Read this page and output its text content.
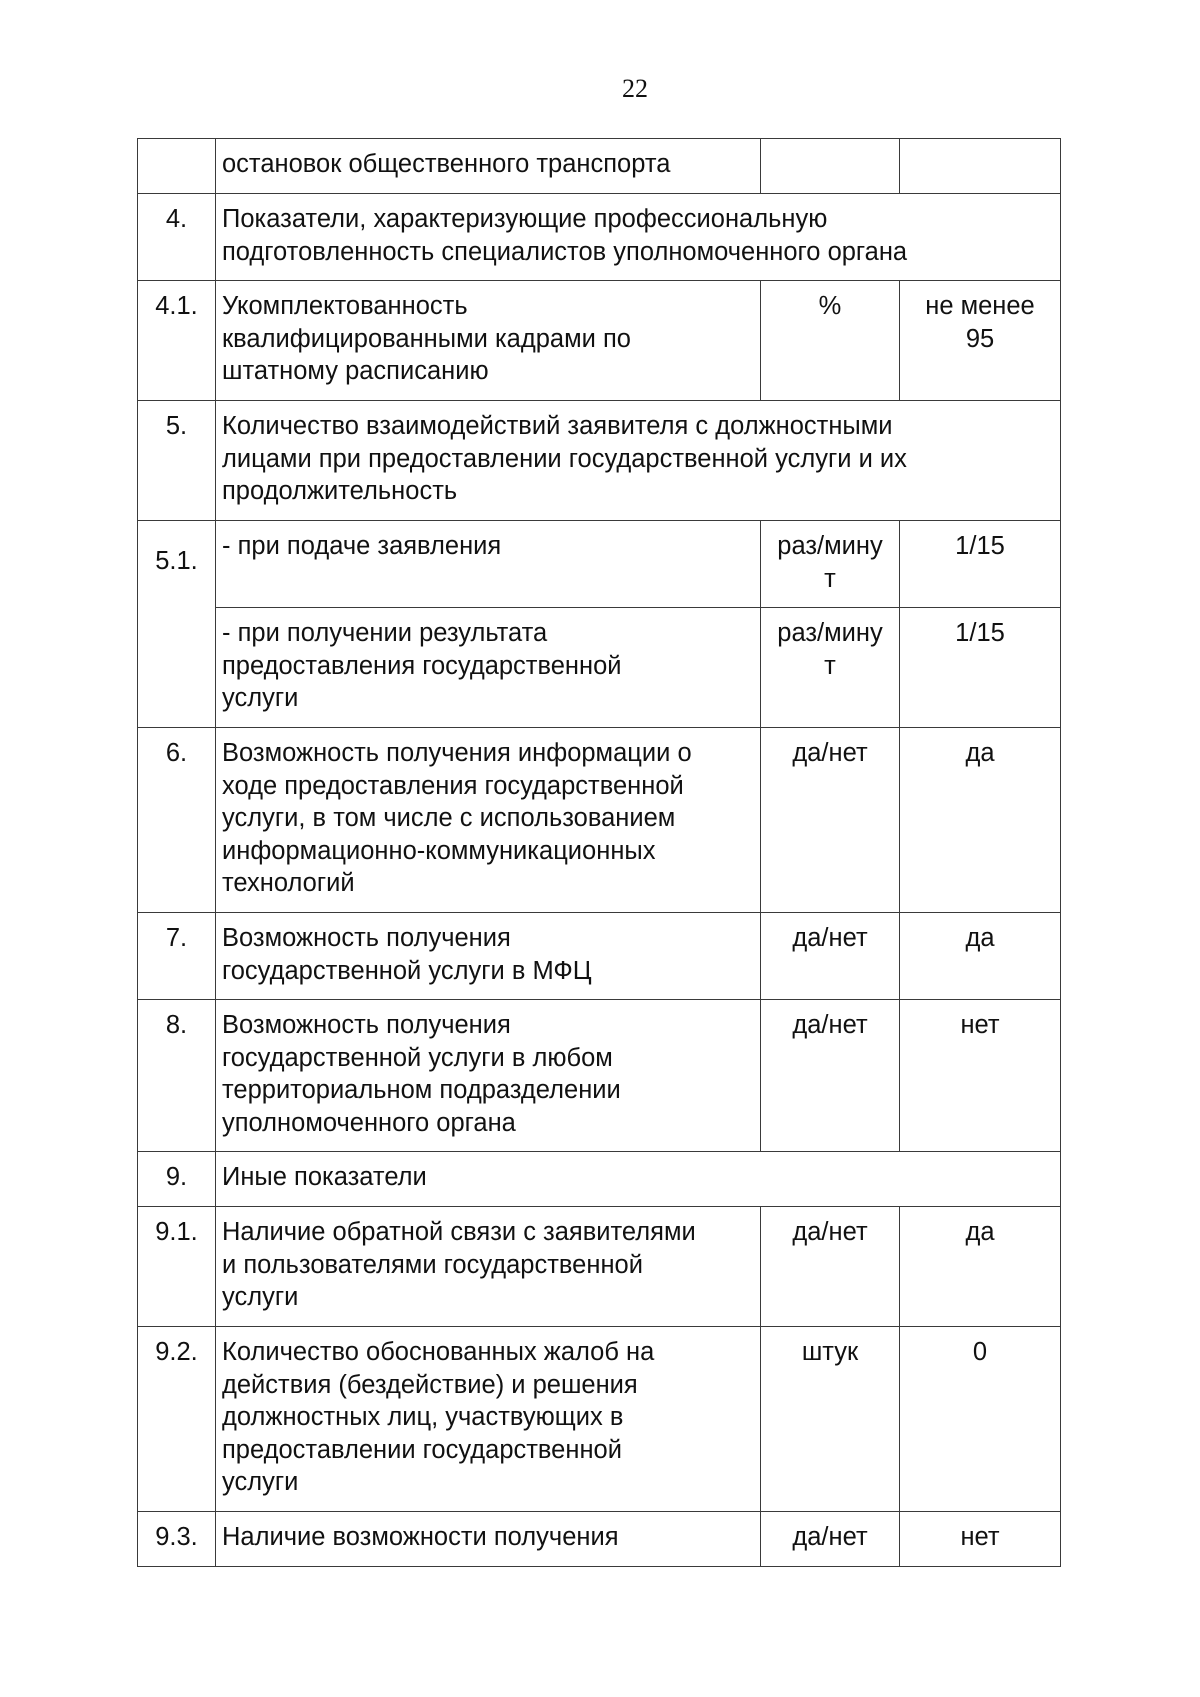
22

	остановок общественного транспорта		

4.	Показатели, характеризующие профессиональную
подготовленность специалистов уполномоченного органа		

4.1.	Укомплектованность
квалифицированными кадрами по
штатному расписанию	%	не менее
95

5.	Количество взаимодействий заявителя с должностными
лицами при предоставлении государственной услуги и их
продолжительность		

5.1.	- при подаче заявления	раз/мину
т	1/15

	- при получении результата
предоставления государственной
услуги	раз/мину
т	1/15

6.	Возможность получения информации о
ходе предоставления государственной
услуги, в том числе с использованием
информационно-коммуникационных
технологий	да/нет	да

7.	Возможность получения
государственной услуги в МФЦ	да/нет	да

8.	Возможность получения
государственной услуги в любом
территориальном подразделении
уполномоченного органа	да/нет	нет

9.	Иные показатели		

9.1.	Наличие обратной связи с заявителями
и пользователями государственной
услуги	да/нет	да

9.2.	Количество обоснованных жалоб на
действия (бездействие) и решения
должностных лиц, участвующих в
предоставлении государственной
услуги	штук	0

9.3.	Наличие возможности получения	да/нет	нет
